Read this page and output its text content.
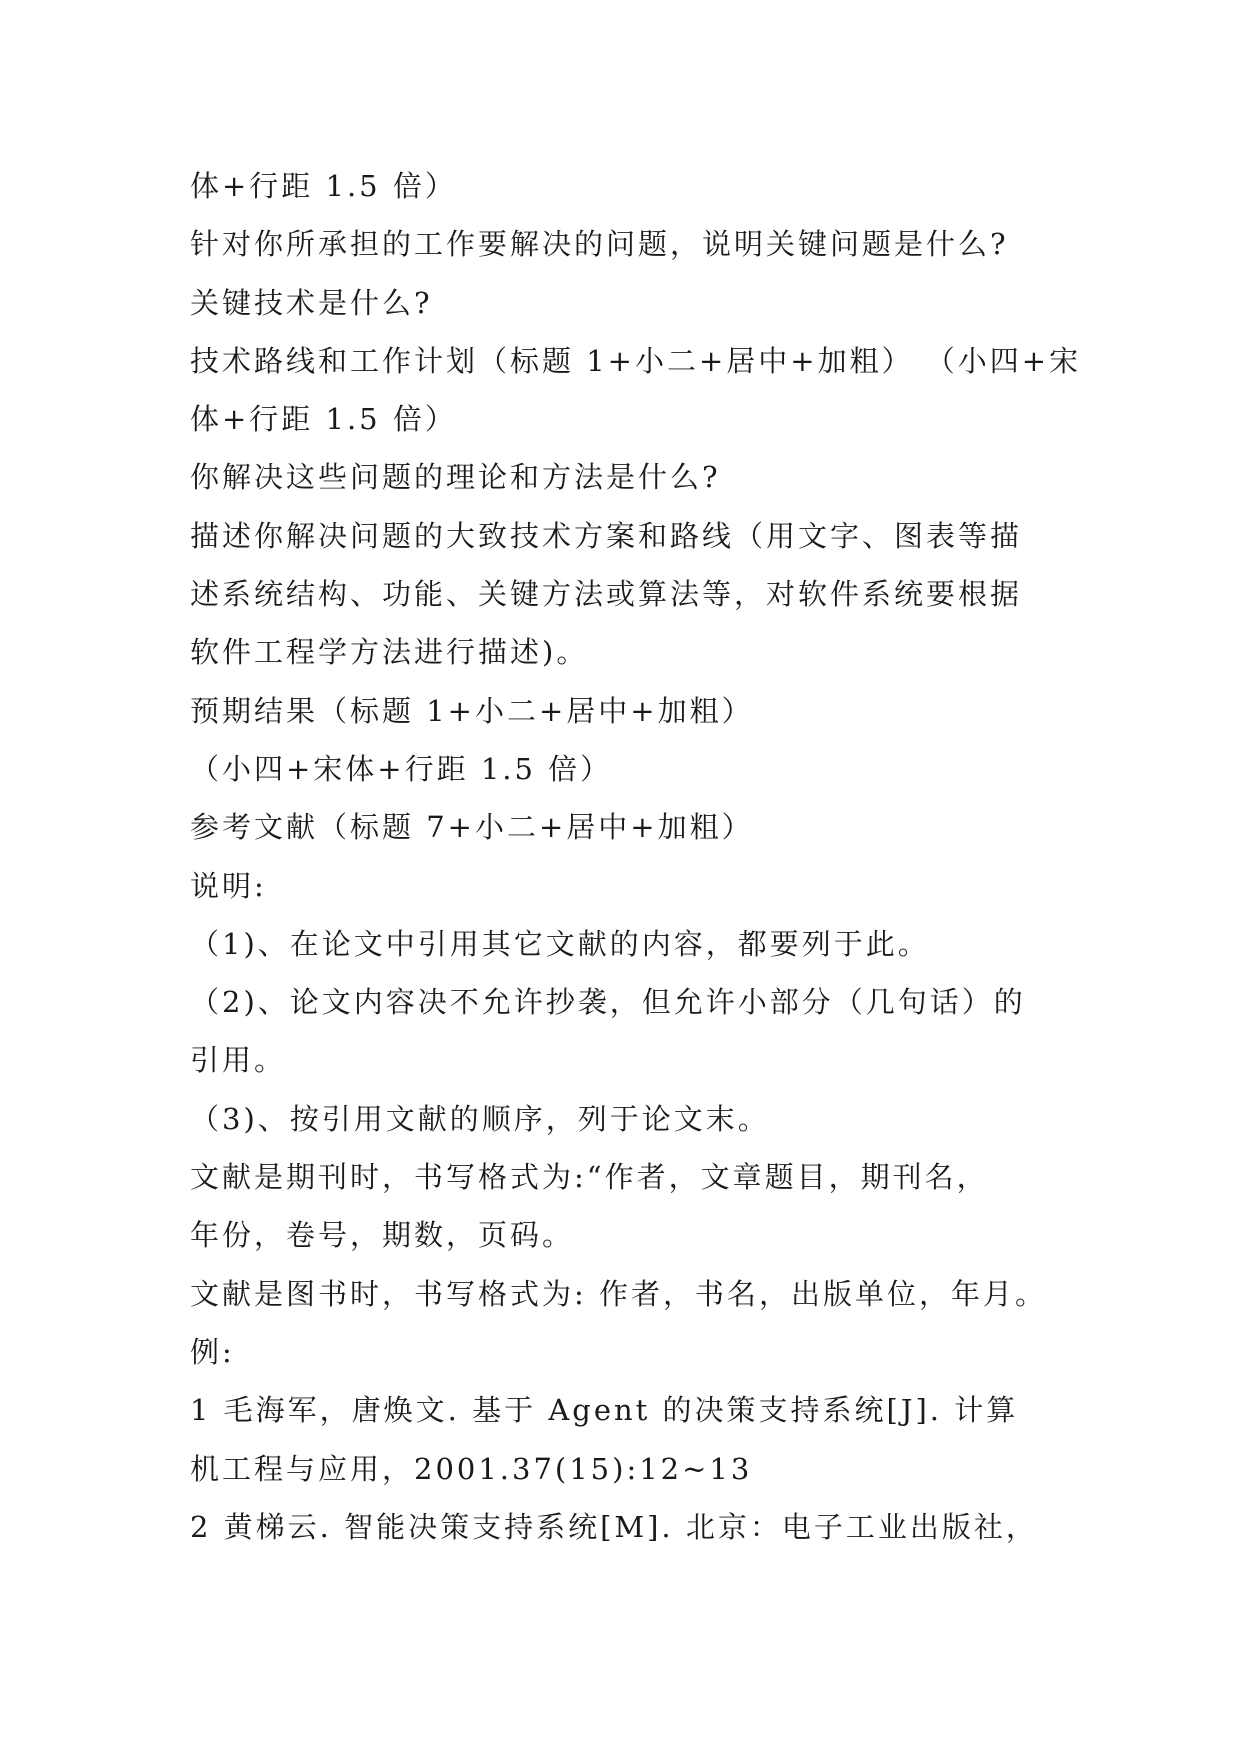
体+行距 1.5 倍）
针对你所承担的工作要解决的问题，说明关键问题是什么?
关键技术是什么?
技术路线和工作计划（标题 1+小二+居中+加粗） （小四+宋
体+行距 1.5 倍）
你解决这些问题的理论和方法是什么?
描述你解决问题的大致技术方案和路线（用文字、图表等描
述系统结构、功能、关键方法或算法等，对软件系统要根据
软件工程学方法进行描述)。
预期结果（标题 1+小二+居中+加粗）
（小四+宋体+行距 1.5 倍）
参考文献（标题 7+小二+居中+加粗）
说明:
（1)、在论文中引用其它文献的内容，都要列于此。
（2)、论文内容决不允许抄袭，但允许小部分（几句话）的
引用。
（3)、按引用文献的顺序，列于论文末。
文献是期刊时，书写格式为:“作者，文章题目，期刊名，
年份，卷号，期数，页码。
文献是图书时，书写格式为: 作者，书名，出版单位，年月。
例:
1 毛海军，唐焕文. 基于 Agent 的决策支持系统[J]. 计算
机工程与应用，2001.37(15):12~13
2 黄梯云. 智能决策支持系统[M]. 北京：电子工业出版社，
